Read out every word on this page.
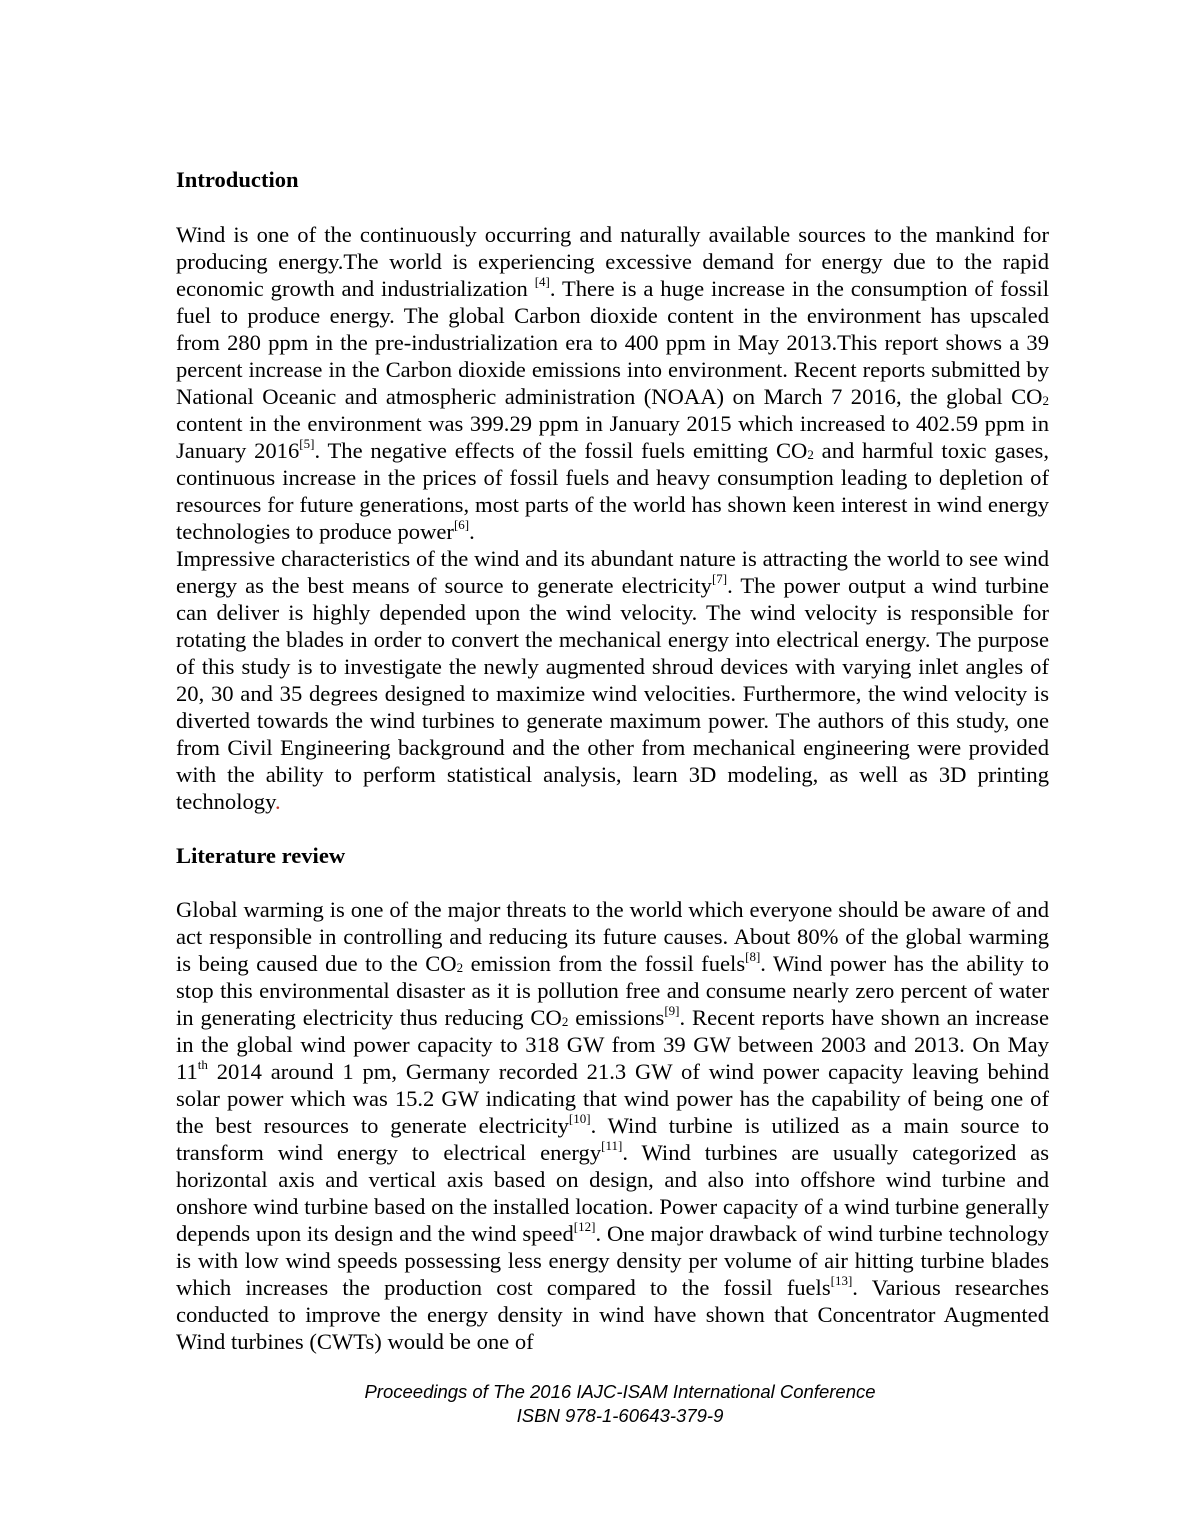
Introduction

Wind is one of the continuously occurring and naturally available sources to the mankind for producing energy.The world is experiencing excessive demand for energy due to the rapid economic growth and industrialization [4]. There is a huge increase in the consumption of fossil fuel to produce energy. The global Carbon dioxide content in the environment has upscaled from 280 ppm in the pre-industrialization era to 400 ppm in May 2013.This report shows a 39 percent increase in the Carbon dioxide emissions into environment. Recent reports submitted by National Oceanic and atmospheric administration (NOAA) on March 7 2016, the global $CO_2$ content in the environment was 399.29 ppm in January 2015 which increased to 402.59 ppm in January 2016[5]. The negative effects of the fossil fuels emitting $CO_2$ and harmful toxic gases, continuous increase in the prices of fossil fuels and heavy consumption leading to depletion of resources for future generations, most parts of the world has shown keen interest in wind energy technologies to produce power[6].

Impressive characteristics of the wind and its abundant nature is attracting the world to see wind energy as the best means of source to generate electricity[7]. The power output a wind turbine can deliver is highly depended upon the wind velocity. The wind velocity is responsible for rotating the blades in order to convert the mechanical energy into electrical energy. The purpose of this study is to investigate the newly augmented shroud devices with varying inlet angles of 20, 30 and 35 degrees designed to maximize wind velocities. Furthermore, the wind velocity is diverted towards the wind turbines to generate maximum power. The authors of this study, one from Civil Engineering background and the other from mechanical engineering were provided with the ability to perform statistical analysis, learn 3D modeling, as well as 3D printing technology.

Literature review

Global warming is one of the major threats to the world which everyone should be aware of and act responsible in controlling and reducing its future causes. About 80% of the global warming is being caused due to the $CO_2$ emission from the fossil fuels[8]. Wind power has the ability to stop this environmental disaster as it is pollution free and consume nearly zero percent of water in generating electricity thus reducing $CO_2$ emissions[9]. Recent reports have shown an increase in the global wind power capacity to 318 GW from 39 GW between 2003 and 2013. On May 11th 2014 around 1 pm, Germany recorded 21.3 GW of wind power capacity leaving behind solar power which was 15.2 GW indicating that wind power has the capability of being one of the best resources to generate electricity[10]. Wind turbine is utilized as a main source to transform wind energy to electrical energy[11]. Wind turbines are usually categorized as horizontal axis and vertical axis based on design, and also into offshore wind turbine and onshore wind turbine based on the installed location. Power capacity of a wind turbine generally depends upon its design and the wind speed[12]. One major drawback of wind turbine technology is with low wind speeds possessing less energy density per volume of air hitting turbine blades which increases the production cost compared to the fossil fuels[13]. Various researches conducted to improve the energy density in wind have shown that Concentrator Augmented Wind turbines (CWTs) would be one of

Proceedings of The 2016 IAJC-ISAM International Conference
ISBN 978-1-60643-379-9
